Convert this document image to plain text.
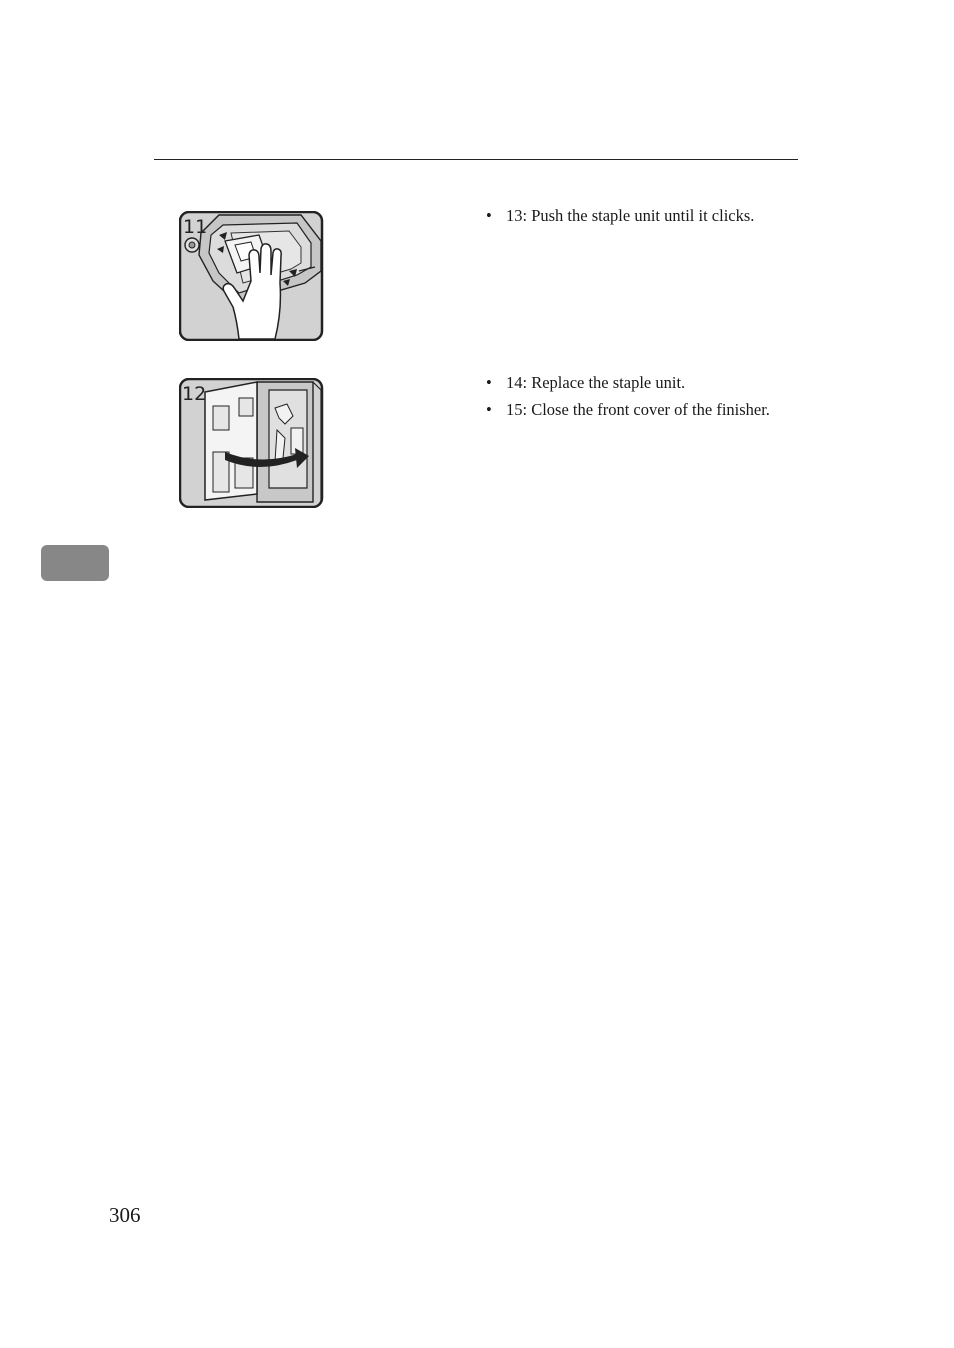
11
12
• 13: Push the staple unit until it clicks.
• 14: Replace the staple unit.
• 15: Close the front cover of the finisher.
306
